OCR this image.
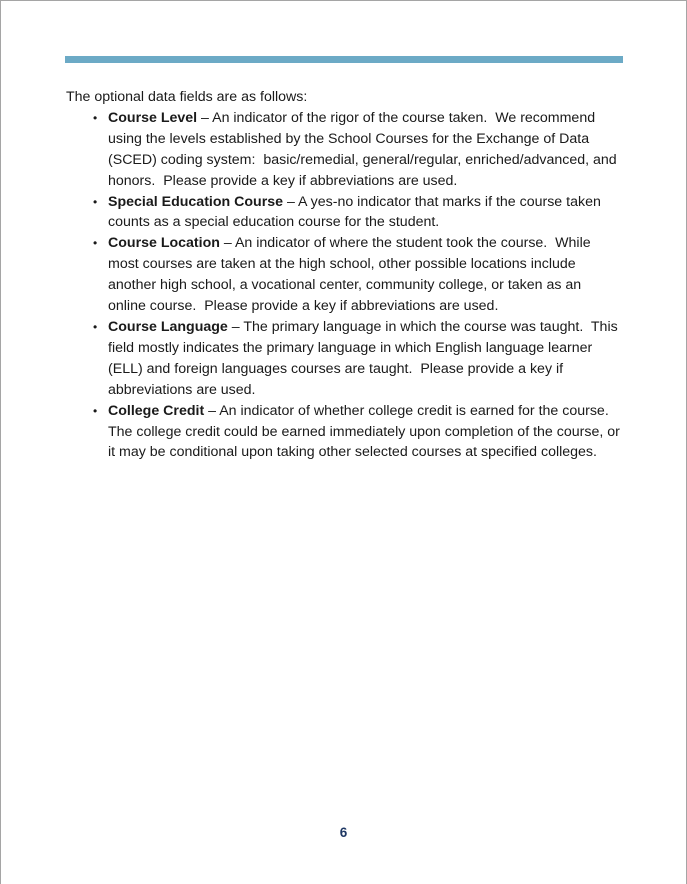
The optional data fields are as follows:

• Course Level – An indicator of the rigor of the course taken.  We recommend using the levels established by the School Courses for the Exchange of Data (SCED) coding system:  basic/remedial, general/regular, enriched/advanced, and honors.  Please provide a key if abbreviations are used.

• Special Education Course – A yes-no indicator that marks if the course taken counts as a special education course for the student.

• Course Location – An indicator of where the student took the course.  While most courses are taken at the high school, other possible locations include another high school, a vocational center, community college, or taken as an online course.  Please provide a key if abbreviations are used.

• Course Language – The primary language in which the course was taught.  This field mostly indicates the primary language in which English language learner (ELL) and foreign languages courses are taught.  Please provide a key if abbreviations are used.

• College Credit – An indicator of whether college credit is earned for the course.  The college credit could be earned immediately upon completion of the course, or it may be conditional upon taking other selected courses at specified colleges.

6
